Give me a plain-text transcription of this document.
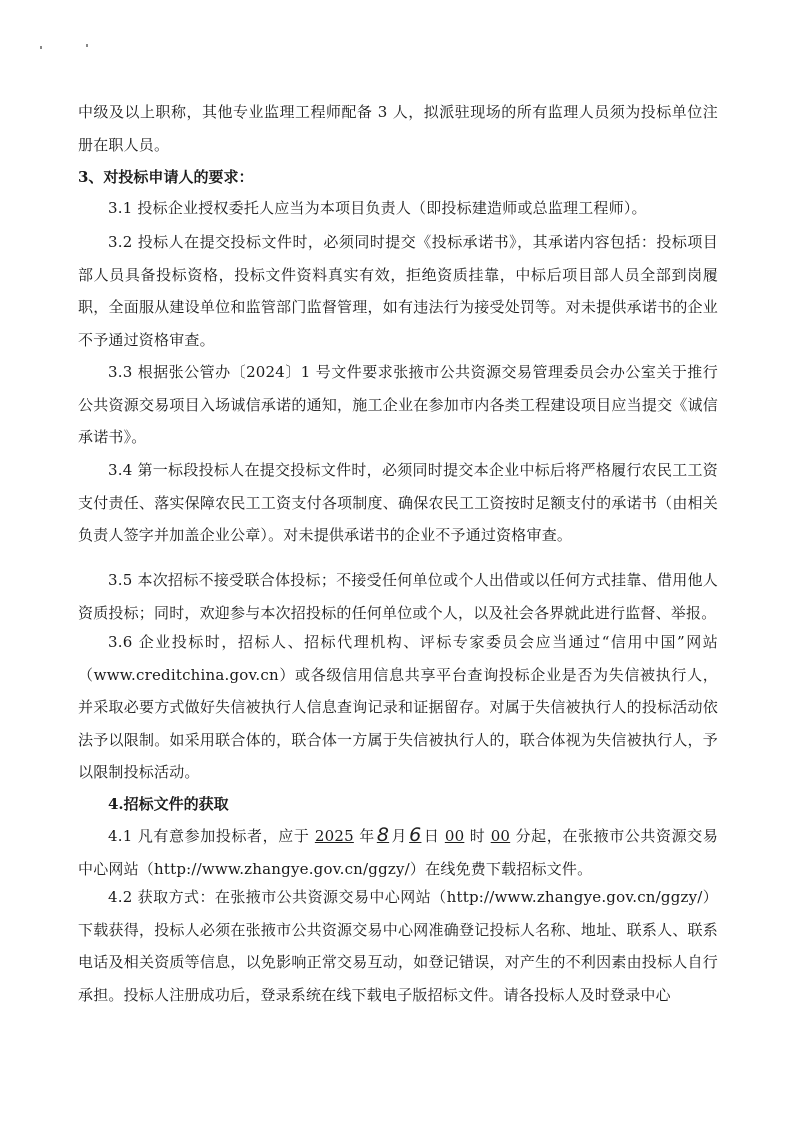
中级及以上职称，其他专业监理工程师配备 3 人，拟派驻现场的所有监理人员须为投标单位注册在职人员。

3、对投标申请人的要求：

3.1 投标企业授权委托人应当为本项目负责人（即投标建造师或总监理工程师）。

3.2 投标人在提交投标文件时，必须同时提交《投标承诺书》，其承诺内容包括：投标项目部人员具备投标资格，投标文件资料真实有效，拒绝资质挂靠，中标后项目部人员全部到岗履职，全面服从建设单位和监管部门监督管理，如有违法行为接受处罚等。对未提供承诺书的企业不予通过资格审查。

3.3 根据张公管办〔2024〕1 号文件要求张掖市公共资源交易管理委员会办公室关于推行公共资源交易项目入场诚信承诺的通知，施工企业在参加市内各类工程建设项目应当提交《诚信承诺书》。

3.4 第一标段投标人在提交投标文件时，必须同时提交本企业中标后将严格履行农民工工资支付责任、落实保障农民工工资支付各项制度、确保农民工工资按时足额支付的承诺书（由相关负责人签字并加盖企业公章）。对未提供承诺书的企业不予通过资格审查。

3.5 本次招标不接受联合体投标；不接受任何单位或个人出借或以任何方式挂靠、借用他人资质投标；同时，欢迎参与本次招投标的任何单位或个人，以及社会各界就此进行监督、举报。

3.6 企业投标时，招标人、招标代理机构、评标专家委员会应当通过“信用中国”网站（www.creditchina.gov.cn）或各级信用信息共享平台查询投标企业是否为失信被执行人，并采取必要方式做好失信被执行人信息查询记录和证据留存。对属于失信被执行人的投标活动依法予以限制。如采用联合体的，联合体一方属于失信被执行人的，联合体视为失信被执行人，予以限制投标活动。

4.招标文件的获取

4.1 凡有意参加投标者，应于 2025 年 8 月 6 日 00 时 00 分起，在张掖市公共资源交易中心网站（http://www.zhangye.gov.cn/ggzy/）在线免费下载招标文件。

4.2 获取方式：在张掖市公共资源交易中心网站（http://www.zhangye.gov.cn/ggzy/）下载获得，投标人必须在张掖市公共资源交易中心网准确登记投标人名称、地址、联系人、联系电话及相关资质等信息，以免影响正常交易互动，如登记错误，对产生的不利因素由投标人自行承担。投标人注册成功后，登录系统在线下载电子版招标文件。请各投标人及时登录中心
